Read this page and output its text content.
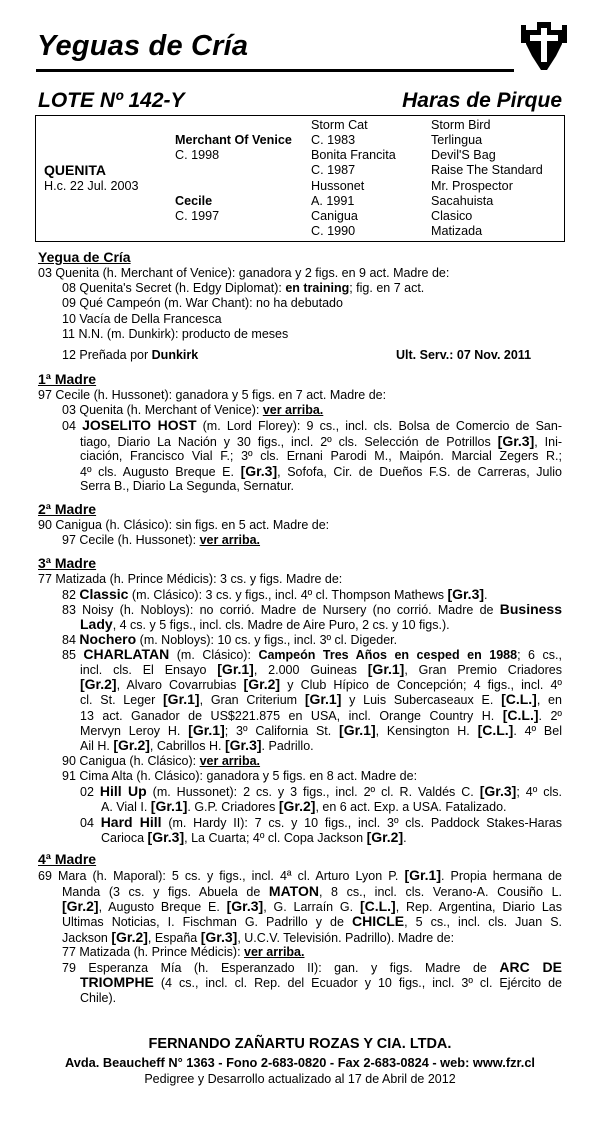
Yeguas de Cría
LOTE Nº 142-Y	Haras de Pirque
QUENITA
H.c. 22 Jul. 2003
Merchant Of Venice
C. 1998
Cecile
C. 1997
Storm Cat
C. 1983
Bonita Francita
C. 1987
Hussonet
A. 1991
Canigua
C. 1990
Storm Bird
Terlingua
Devil'S Bag
Raise The Standard
Mr. Prospector
Sacahuista
Clasico
Matizada
Yegua de Cría
03 Quenita (h. Merchant of Venice): ganadora y 2 figs. en 9 act. Madre de:
08 Quenita's Secret (h. Edgy Diplomat): en training; fig. en 7 act.
09 Qué Campeón (m. War Chant): no ha debutado
10 Vacía de Della Francesca
11 N.N. (m. Dunkirk): producto de meses
12 Preñada por Dunkirk	Ult. Serv.: 07 Nov. 2011
1ª Madre
97 Cecile (h. Hussonet): ganadora y 5 figs. en 7 act. Madre de:
03 Quenita (h. Merchant of Venice): ver arriba.
04 JOSELITO HOST (m. Lord Florey): 9 cs., incl. cls. Bolsa de Comercio de San-
tiago, Diario La Nación y 30 figs., incl. 2º cls. Selección de Potrillos [Gr.3], Ini-
ciación, Francisco Vial F.; 3º cls. Ernani Parodi M., Maipón. Marcial Zegers R.;
4º cls. Augusto Breque E. [Gr.3], Sofofa, Cir. de Dueños F.S. de Carreras, Julio
Serra B., Diario La Segunda, Sernatur.
2ª Madre
90 Canigua (h. Clásico): sin figs. en 5 act. Madre de:
97 Cecile (h. Hussonet): ver arriba.
3ª Madre
77 Matizada (h. Prince Médicis): 3 cs. y figs. Madre de:
82 Classic (m. Clásico): 3 cs. y figs., incl. 4º cl. Thompson Mathews [Gr.3].
83 Noisy (h. Nobloys): no corrió. Madre de Nursery (no corrió. Madre de Business
Lady, 4 cs. y 5 figs., incl. cls. Madre de Aire Puro, 2 cs. y 10 figs.).
84 Nochero (m. Nobloys): 10 cs. y figs., incl. 3º cl. Digeder.
85 CHARLATAN (m. Clásico): Campeón Tres Años en cesped en 1988; 6 cs.,
incl. cls. El Ensayo [Gr.1], 2.000 Guineas [Gr.1], Gran Premio Criadores
[Gr.2], Alvaro Covarrubias [Gr.2] y Club Hípico de Concepción; 4 figs., incl. 4º
cl. St. Leger [Gr.1], Gran Criterium [Gr.1] y Luis Subercaseaux E. [C.L.], en
13 act. Ganador de US$221.875 en USA, incl. Orange Country H. [C.L.]. 2º
Mervyn Leroy H. [Gr.1]; 3º California St. [Gr.1], Kensington H. [C.L.]. 4º Bel
Ail H. [Gr.2], Cabrillos H. [Gr.3]. Padrillo.
90 Canigua (h. Clásico): ver arriba.
91 Cima Alta (h. Clásico): ganadora y 5 figs. en 8 act. Madre de:
02 Hill Up (m. Hussonet): 2 cs. y 3 figs., incl. 2º cl. R. Valdés C. [Gr.3]; 4º cls.
A. Vial I. [Gr.1]. G.P. Criadores [Gr.2], en 6 act. Exp. a USA. Fatalizado.
04 Hard Hill (m. Hardy II): 7 cs. y 10 figs., incl. 3º cls. Paddock Stakes-Haras
Carioca [Gr.3], La Cuarta; 4º cl. Copa Jackson [Gr.2].
4ª Madre
69 Mara (h. Maporal): 5 cs. y figs., incl. 4ª cl. Arturo Lyon P. [Gr.1]. Propia hermana de
Manda (3 cs. y figs. Abuela de MATON, 8 cs., incl. cls. Verano-A. Cousiño L.
[Gr.2], Augusto Breque E. [Gr.3], G. Larraín G. [C.L.], Rep. Argentina, Diario Las
Ultimas Noticias, I. Fischman G. Padrillo y de CHICLE, 5 cs., incl. cls. Juan S.
Jackson [Gr.2], España [Gr.3], U.C.V. Televisión. Padrillo). Madre de:
77 Matizada (h. Prince Médicis): ver arriba.
79 Esperanza Mía (h. Esperanzado II): gan. y figs. Madre de ARC DE
TRIOMPHE (4 cs., incl. cl. Rep. del Ecuador y 10 figs., incl. 3º cl. Ejército de
Chile).
FERNANDO ZAÑARTU ROZAS Y CIA. LTDA.
Avda. Beaucheff N° 1363 - Fono 2-683-0820 - Fax 2-683-0824 - web: www.fzr.cl
Pedigree y Desarrollo actualizado al 17 de Abril de 2012
